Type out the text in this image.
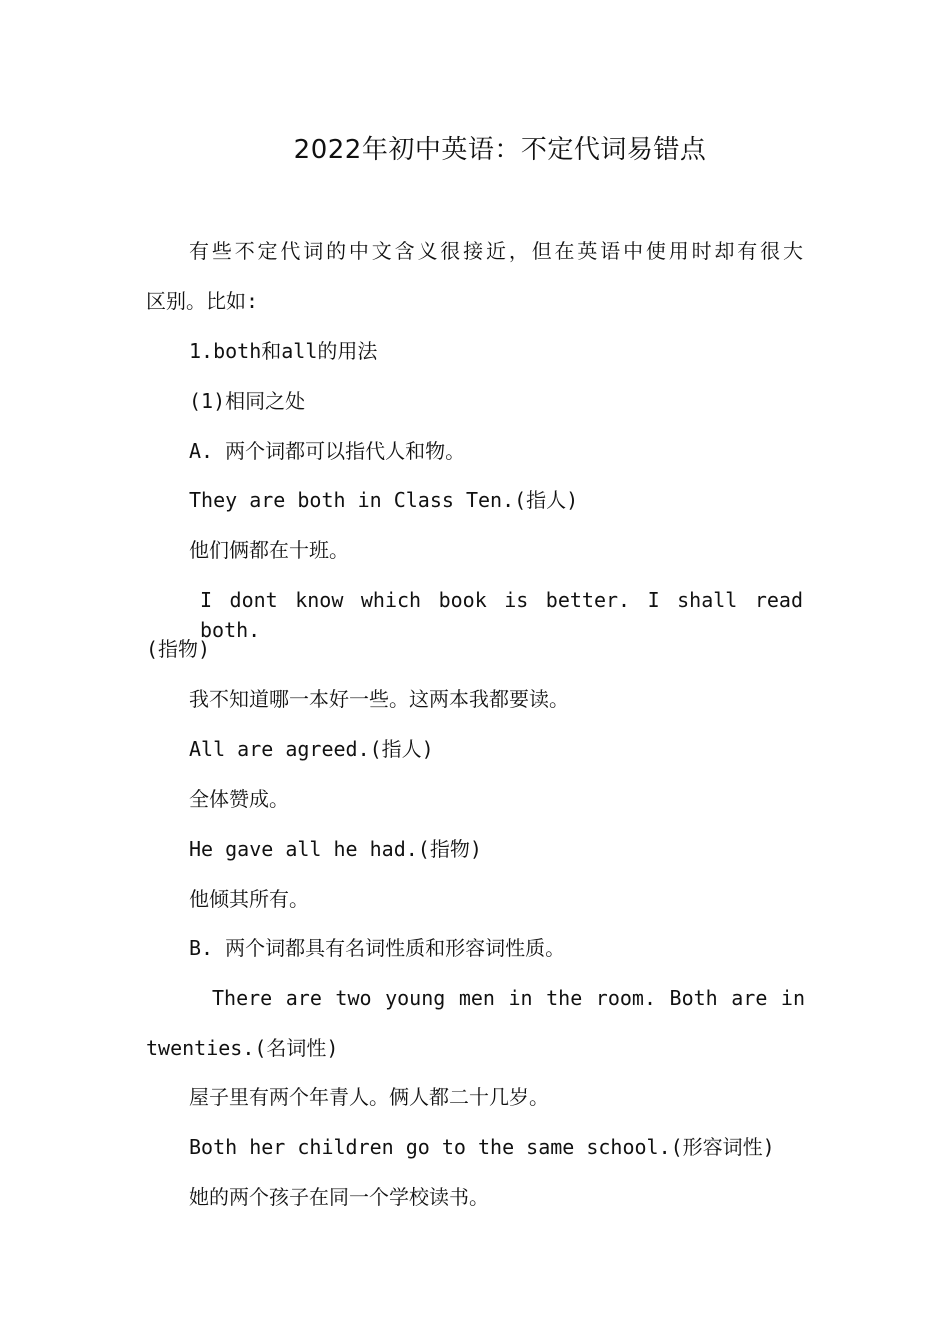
2022年初中英语：不定代词易错点
有些不定代词的中文含义很接近，但在英语中使用时却有很大
区别。比如:
1.both和all的用法
(1)相同之处
A. 两个词都可以指代人和物。
They are both in Class Ten.(指人)
他们俩都在十班。
I dont know which book is better. I shall read both.
(指物)
我不知道哪一本好一些。这两本我都要读。
All are agreed.(指人)
全体赞成。
He gave all he had.(指物)
他倾其所有。
B. 两个词都具有名词性质和形容词性质。
There are two young men in the room. Both are in
twenties.(名词性)
屋子里有两个年青人。俩人都二十几岁。
Both her children go to the same school.(形容词性)
她的两个孩子在同一个学校读书。
